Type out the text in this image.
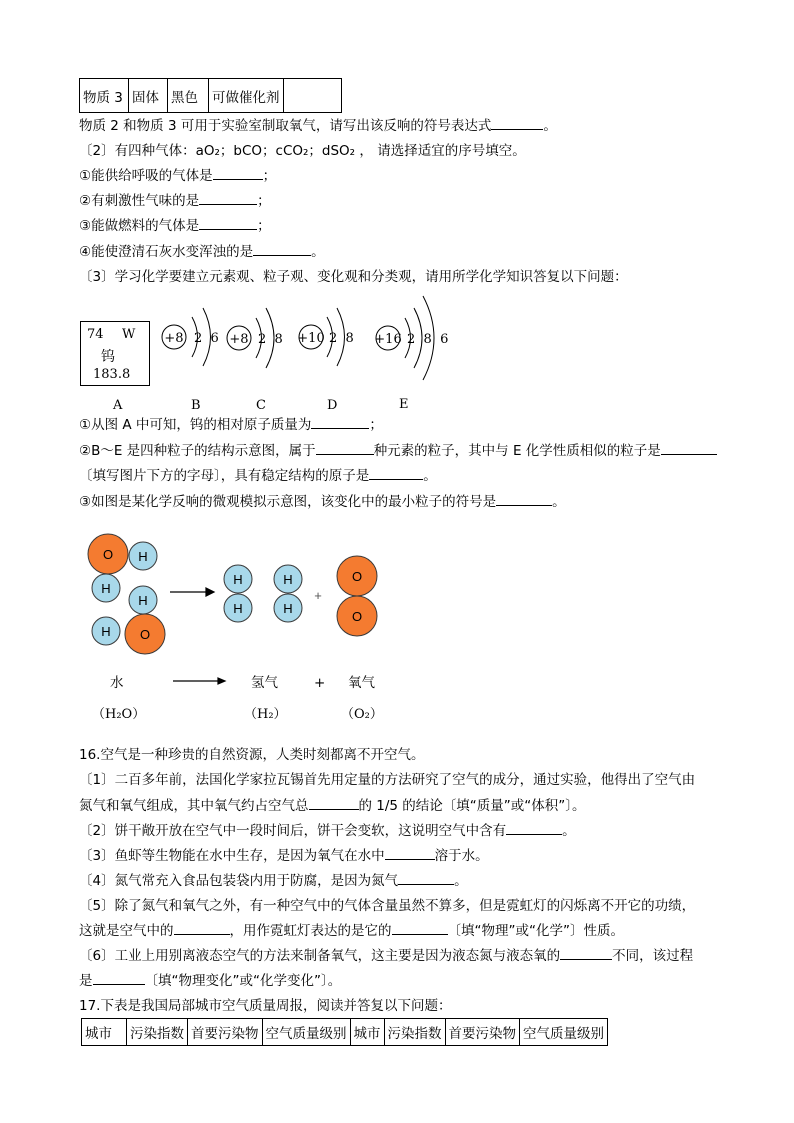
物质 3	固体	黑色	可做催化剂	
物质 2 和物质 3 可用于实验室制取氧气，请写出该反响的符号表达式	。
〔2〕有四种气体：aO₂；bCO；cCO₂；dSO₂ ， 请选择适宜的序号填空。
①能供给呼吸的气体是	；
②有刺激性气味的是	；
③能做燃料的气体是	；
④能使澄清石灰水变浑浊的是	。
〔3〕学习化学要建立元素观、粒子观、变化观和分类观，请用所学化学知识答复以下问题：
74 W
钨
183.8
+8 2  6 +8 2  8 +10 2  8 +16 2  8  6
A	B	C	D	E
O H
H
H
O
H
H
H
H
H
O
O
+
水	氢气	+ 氧气
（H₂O）	（H₂）	（O₂）
①从图 A 中可知，钨的相对原子质量为	；
②B～E 是四种粒子的结构示意图，属于	种元素的粒子，其中与 E 化学性质相似的粒子是
〔填写图片下方的字母〕，具有稳定结构的原子是	。
③如图是某化学反响的微观模拟示意图，该变化中的最小粒子的符号是	。
16.空气是一种珍贵的自然资源，人类时刻都离不开空气。
〔1〕二百多年前，法国化学家拉瓦锡首先用定量的方法研究了空气的成分，通过实验，他得出了空气由
氮气和氧气组成，其中氧气约占空气总	的 1/5 的结论〔填“质量”或“体积”〕。
〔2〕饼干敞开放在空气中一段时间后，饼干会变软，这说明空气中含有	。
〔3〕鱼虾等生物能在水中生存，是因为氧气在水中	溶于水。
〔4〕氮气常充入食品包装袋内用于防腐，是因为氮气	。
〔5〕除了氮气和氧气之外，有一种空气中的气体含量虽然不算多，但是霓虹灯的闪烁离不开它的功绩，
这就是空气中的	，用作霓虹灯表达的是它的	〔填“物理”或“化学”〕性质。
〔6〕工业上用别离液态空气的方法来制备氧气，这主要是因为液态氮与液态氧的	不同，该过程
是	〔填“物理变化”或“化学变化”〕。
17.下表是我国局部城市空气质量周报，阅读并答复以下问题：
城市	污染指数	首要污染物	空气质量级别	城市	污染指数	首要污染物	空气质量级别
